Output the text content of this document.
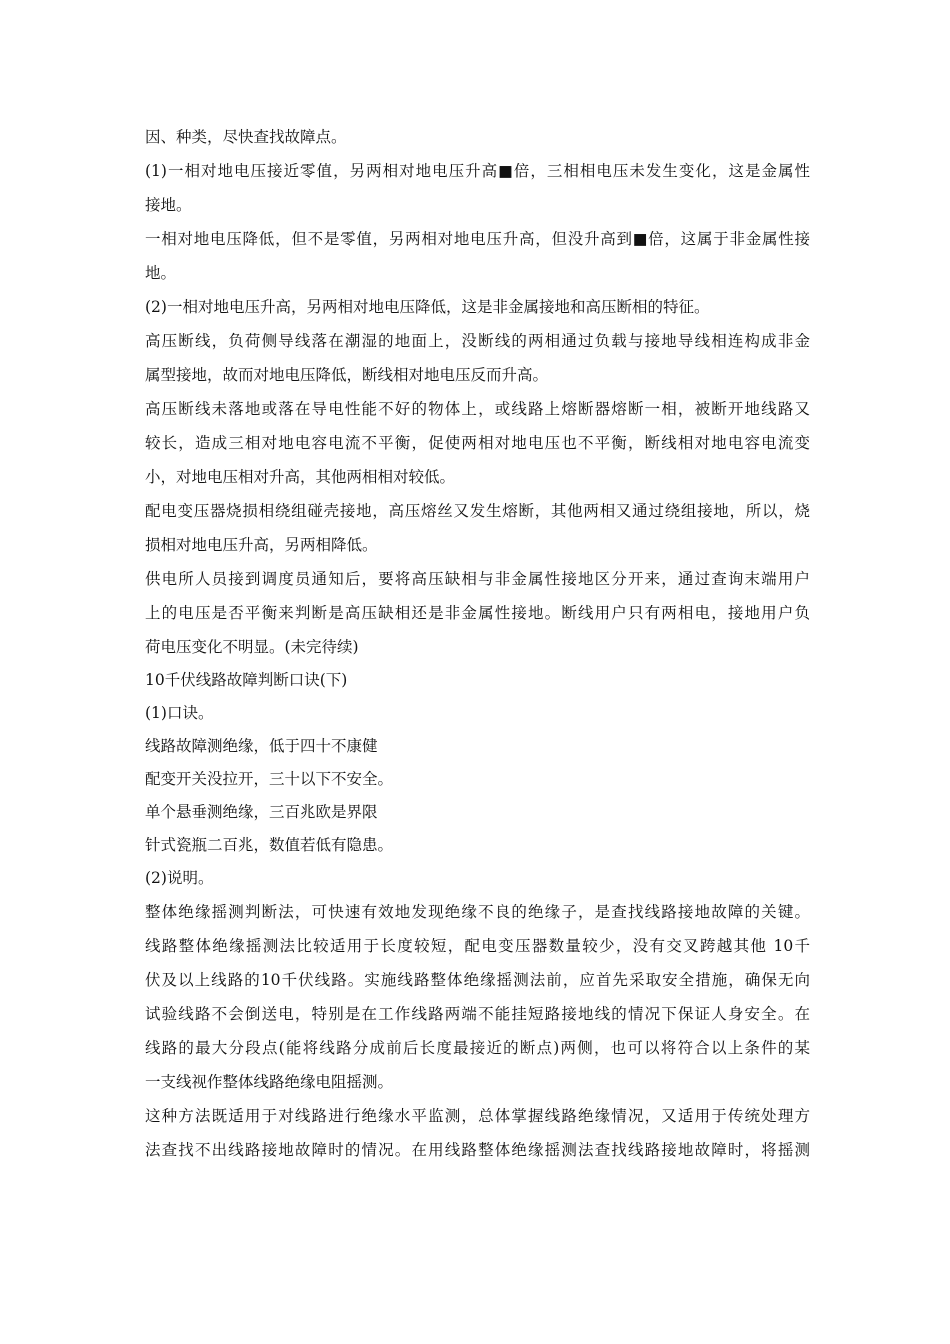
因、种类，尽快查找故障点。
(1)一相对地电压接近零值，另两相对地电压升高■倍，三相相电压未发生变化，这是金属性
接地。
一相对地电压降低，但不是零值，另两相对地电压升高，但没升高到■倍，这属于非金属性接
地。
(2)一相对地电压升高，另两相对地电压降低，这是非金属接地和高压断相的特征。
高压断线，负荷侧导线落在潮湿的地面上，没断线的两相通过负载与接地导线相连构成非金
属型接地，故而对地电压降低，断线相对地电压反而升高。
高压断线未落地或落在导电性能不好的物体上，或线路上熔断器熔断一相，被断开地线路又
较长，造成三相对地电容电流不平衡，促使两相对地电压也不平衡，断线相对地电容电流变
小，对地电压相对升高，其他两相相对较低。
配电变压器烧损相绕组碰壳接地，高压熔丝又发生熔断，其他两相又通过绕组接地，所以，烧
损相对地电压升高，另两相降低。
供电所人员接到调度员通知后，要将高压缺相与非金属性接地区分开来，通过查询末端用户
上的电压是否平衡来判断是高压缺相还是非金属性接地。断线用户只有两相电，接地用户负
荷电压变化不明显。(未完待续)
10千伏线路故障判断口诀(下)
(1)口诀。
线路故障测绝缘，低于四十不康健
配变开关没拉开，三十以下不安全。
单个悬垂测绝缘，三百兆欧是界限
针式瓷瓶二百兆，数值若低有隐患。
(2)说明。
整体绝缘摇测判断法，可快速有效地发现绝缘不良的绝缘子，是查找线路接地故障的关键。
线路整体绝缘摇测法比较适用于长度较短，配电变压器数量较少，没有交叉跨越其他 10千
伏及以上线路的10千伏线路。实施线路整体绝缘摇测法前，应首先采取安全措施，确保无向
试验线路不会倒送电，特别是在工作线路两端不能挂短路接地线的情况下保证人身安全。在
线路的最大分段点(能将线路分成前后长度最接近的断点)两侧，也可以将符合以上条件的某
一支线视作整体线路绝缘电阻摇测。
这种方法既适用于对线路进行绝缘水平监测，总体掌握线路绝缘情况，又适用于传统处理方
法查找不出线路接地故障时的情况。在用线路整体绝缘摇测法查找线路接地故障时，将摇测
